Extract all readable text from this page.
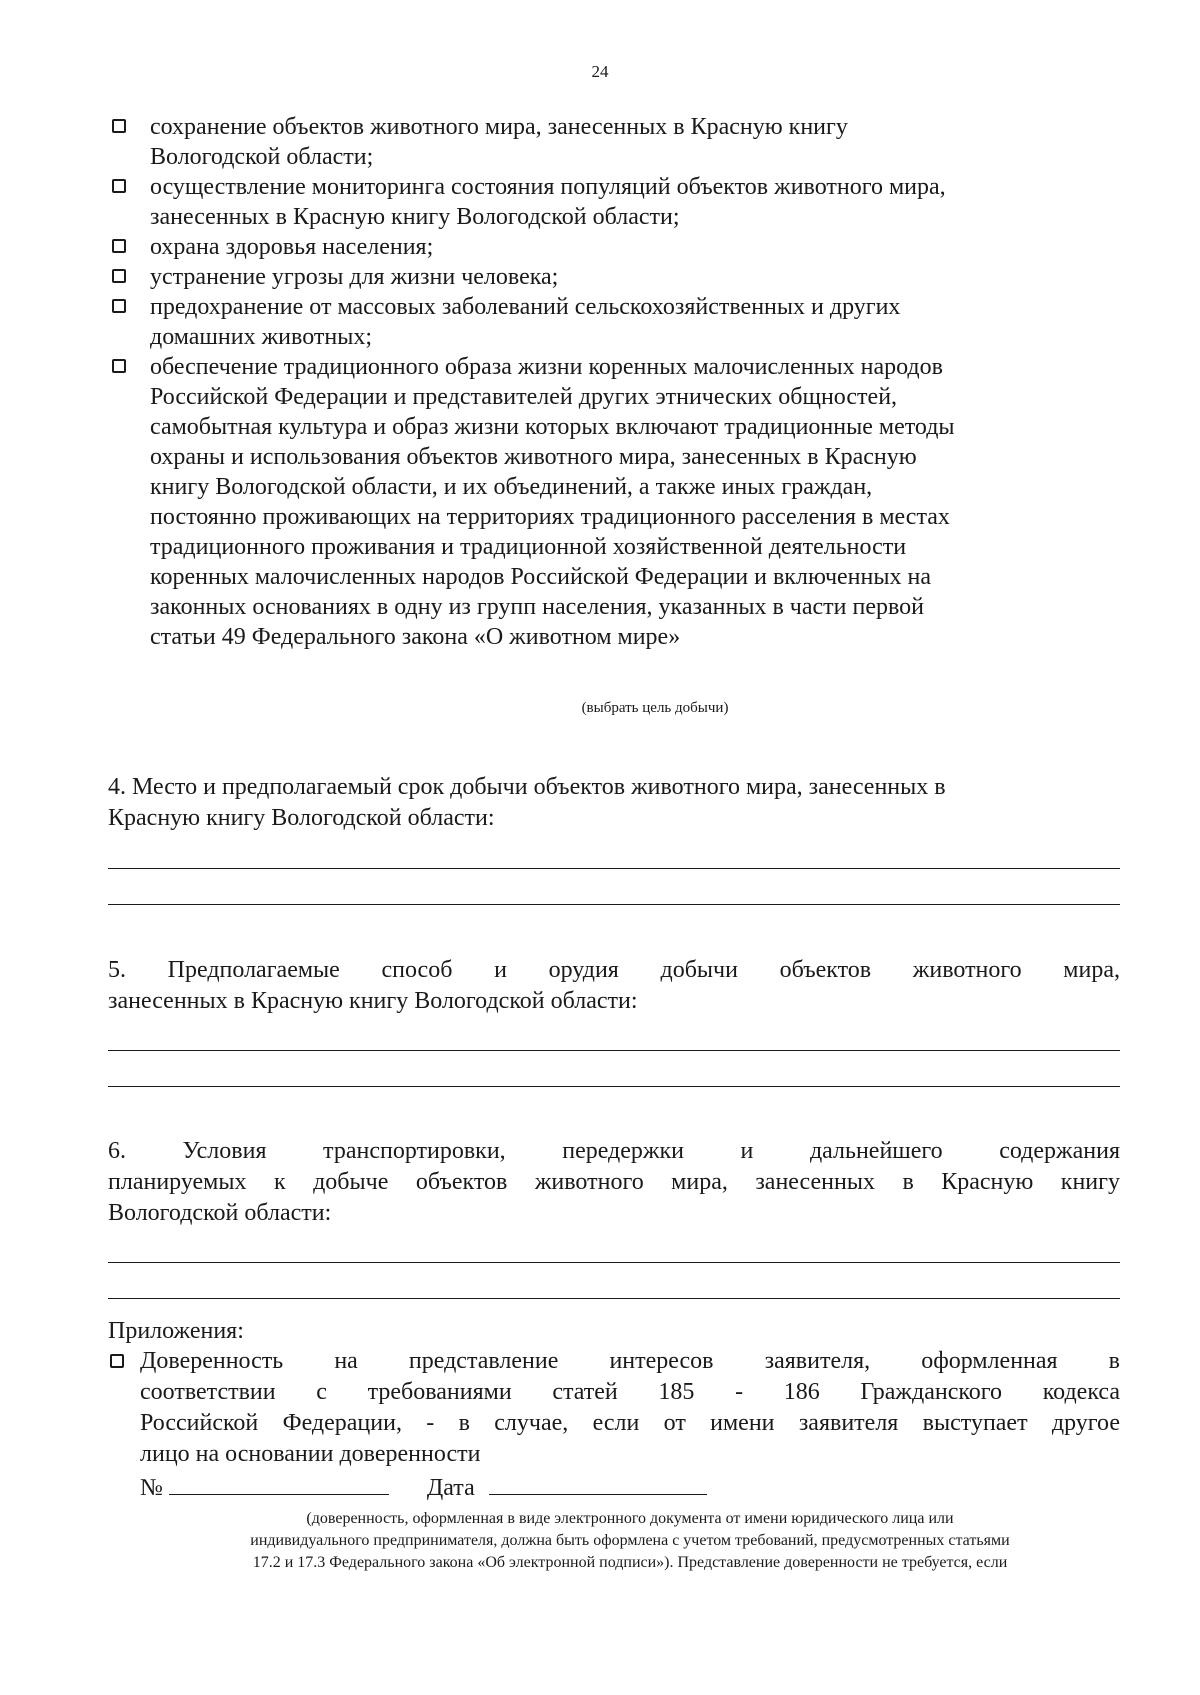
24
сохранение объектов животного мира, занесенных в Красную книгу
Вологодской области;
осуществление мониторинга состояния популяций объектов животного мира,
занесенных в Красную книгу Вологодской области;
охрана здоровья населения;
устранение угрозы для жизни человека;
предохранение от массовых заболеваний сельскохозяйственных и других
домашних животных;
обеспечение традиционного образа жизни коренных малочисленных народов
Российской Федерации и представителей других этнических общностей,
самобытная культура и образ жизни которых включают традиционные методы
охраны и использования объектов животного мира, занесенных в Красную
книгу Вологодской области, и их объединений, а также иных граждан,
постоянно проживающих на территориях традиционного расселения в местах
традиционного проживания и традиционной хозяйственной деятельности
коренных малочисленных народов Российской Федерации и включенных на
законных основаниях в одну из групп населения, указанных в части первой
статьи 49 Федерального закона «О животном мире»
(выбрать цель добычи)
4. Место и предполагаемый срок добычи объектов животного мира, занесенных в
Красную книгу Вологодской области:
5. Предполагаемые способ и орудия добычи объектов животного мира,
занесенных в Красную книгу Вологодской области:
6. Условия транспортировки, передержки и дальнейшего содержания
планируемых к добыче объектов животного мира, занесенных в Красную книгу
Вологодской области:
Приложения:
Доверенность на представление интересов заявителя, оформленная в
соответствии с требованиями статей 185 - 186 Гражданского кодекса
Российской Федерации, - в случае, если от имени заявителя выступает другое
лицо на основании доверенности
№	Дата
(доверенность, оформленная в виде электронного документа от имени юридического лица или
индивидуального предпринимателя, должна быть оформлена с учетом требований, предусмотренных статьями
17.2 и 17.3 Федерального закона «Об электронной подписи»). Представление доверенности не требуется, если
